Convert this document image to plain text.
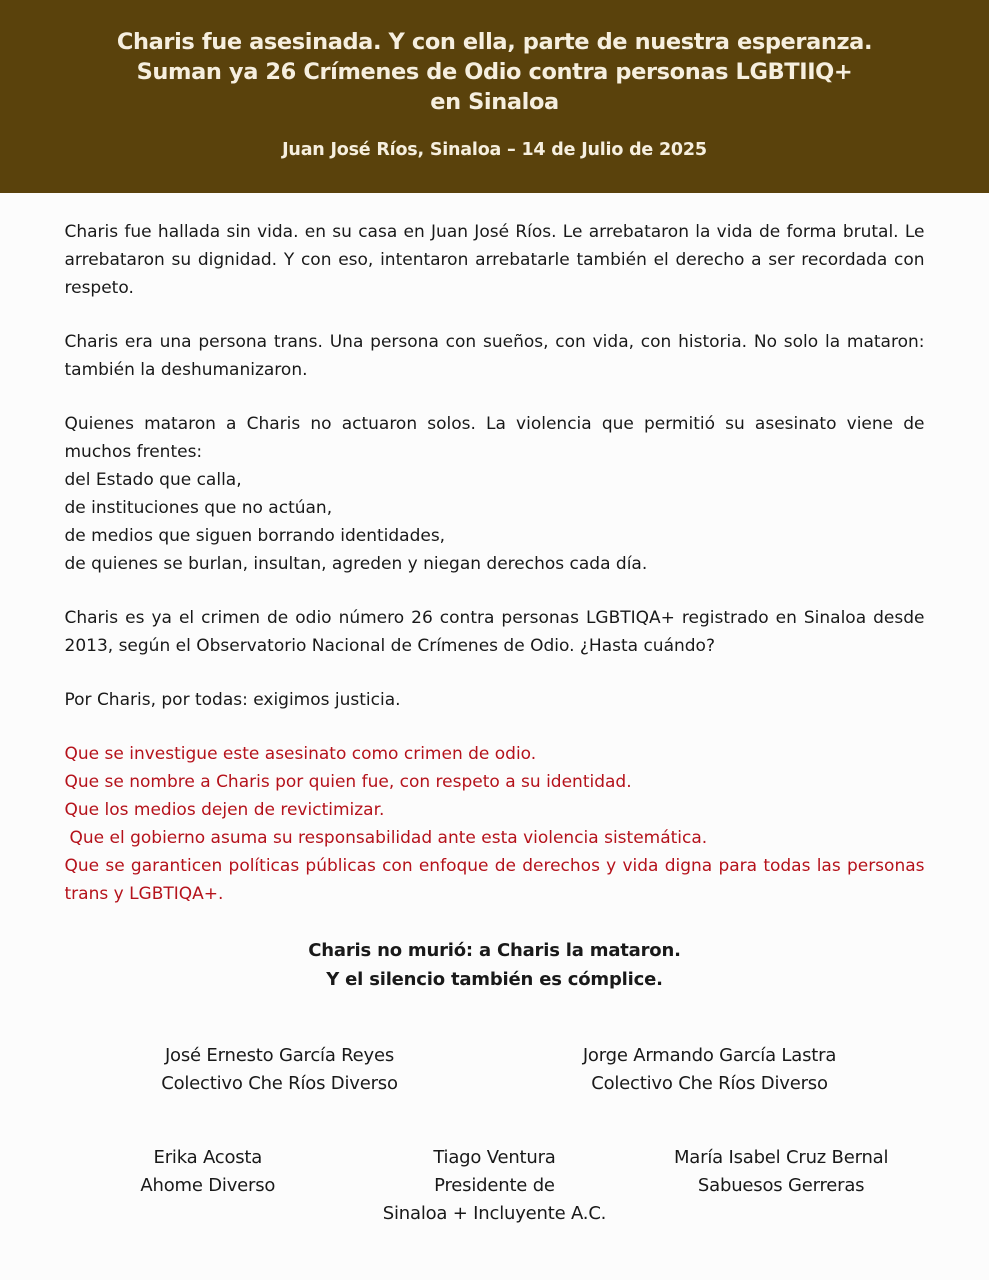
Charis fue asesinada. Y con ella, parte de nuestra esperanza.
Suman ya 26 Crímenes de Odio contra personas LGBTIIQ+
en Sinaloa
Juan José Ríos, Sinaloa – 14 de Julio de 2025

Charis fue hallada sin vida. en su casa en Juan José Ríos. Le arrebataron la vida de forma brutal. Le arrebataron su dignidad. Y con eso, intentaron arrebatarle también el derecho a ser recordada con respeto.

Charis era una persona trans. Una persona con sueños, con vida, con historia. No solo la mataron: también la deshumanizaron.

Quienes mataron a Charis no actuaron solos. La violencia que permitió su asesinato viene de muchos frentes:
del Estado que calla,
de instituciones que no actúan,
de medios que siguen borrando identidades,
de quienes se burlan, insultan, agreden y niegan derechos cada día.

Charis es ya el crimen de odio número 26 contra personas LGBTIQA+ registrado en Sinaloa desde 2013, según el Observatorio Nacional de Crímenes de Odio. ¿Hasta cuándo?

Por Charis, por todas: exigimos justicia.

Que se investigue este asesinato como crimen de odio.

Que se nombre a Charis por quien fue, con respeto a su identidad.

Que los medios dejen de revictimizar.

Que el gobierno asuma su responsabilidad ante esta violencia sistemática.

Que se garanticen políticas públicas con enfoque de derechos y vida digna para todas las personas trans y LGBTIQA+.

Charis no murió: a Charis la mataron.
Y el silencio también es cómplice.
José Ernesto García Reyes
Colectivo Che Ríos Diverso
Jorge Armando García Lastra
Colectivo Che Ríos Diverso
Erika Acosta
Ahome Diverso
Tiago Ventura
Presidente de
Sinaloa + Incluyente A.C.
María Isabel Cruz Bernal
Sabuesos Gerreras
